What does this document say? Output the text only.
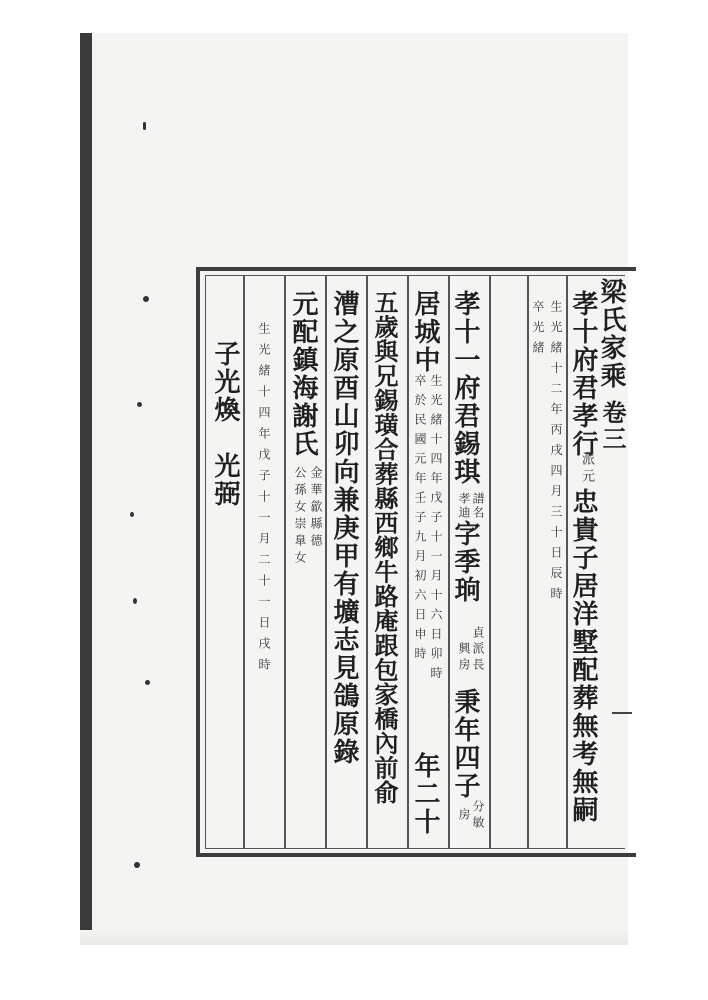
梁氏家乘
卷三
孝十府君孝行
派元
忠貴子居洋墅配葬無考無嗣
生光緒十二年丙戌四月三十日辰時
卒光緒
孝十一府君錫琪
譜名
孝迪
字季珦
貞派長
興房
秉年四子
分敏
房
居城中
生光緒十四年戊子十一月十六日卯時
卒於民國元年壬子九月初六日申時
年二十
五歲與兄錫璜合葬縣西鄉牛路庵跟包家橋內前俞
漕之原酉山卯向兼庚甲有壙志見鴿原錄
元配鎮海謝氏
金華歙縣德
公孫女崇臯女
生光緒十四年戊子十一月二十一日戌時
子光煥　光弼
